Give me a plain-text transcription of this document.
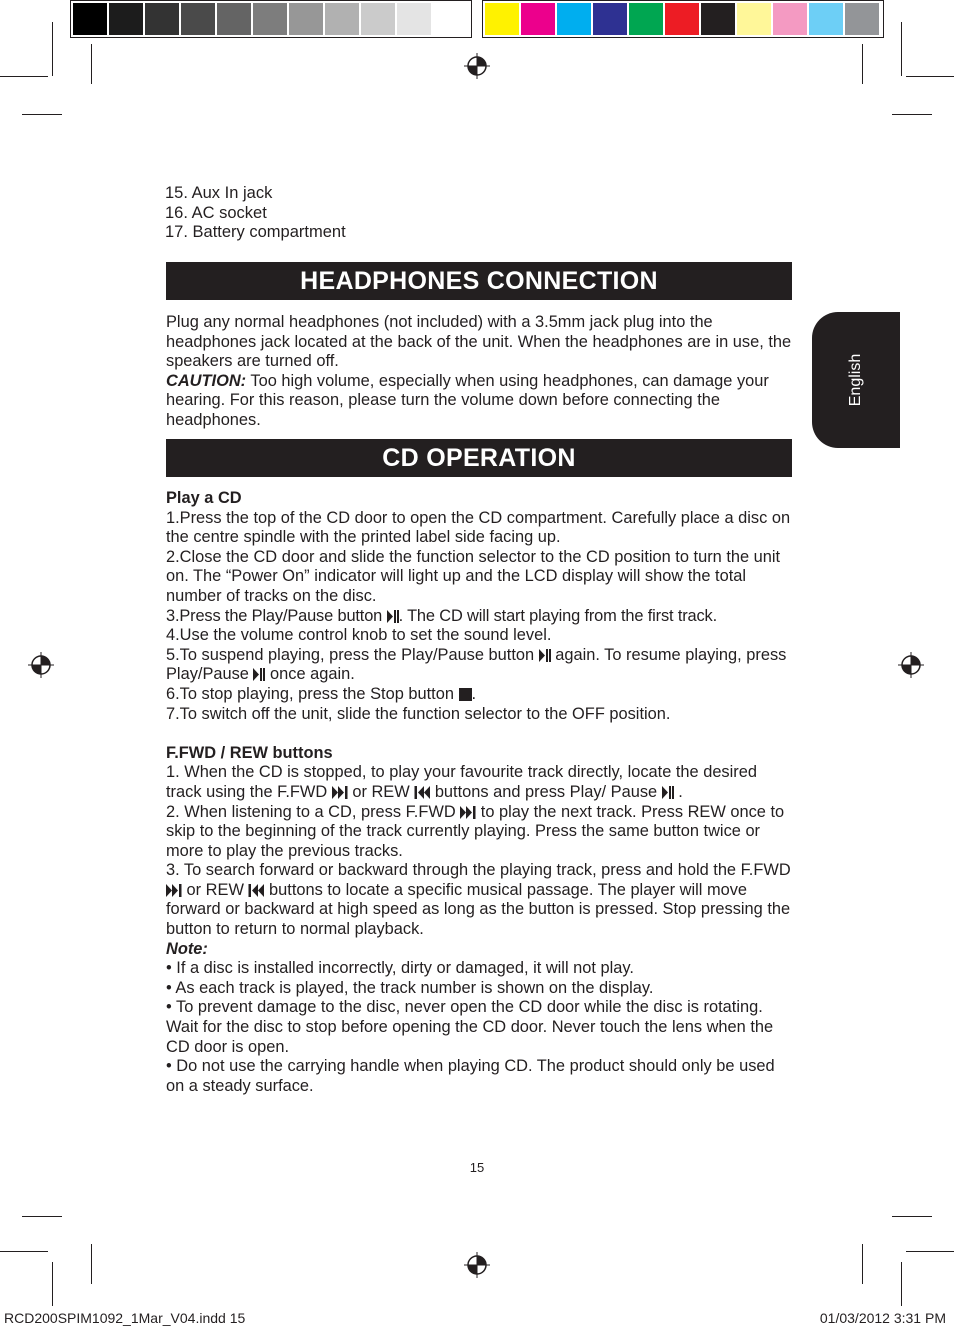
English
15. Aux In jack
16. AC socket
17. Battery compartment
HEADPHONES CONNECTION

Plug any normal headphones (not included) with a 3.5mm jack plug into the headphones jack located at the back of the unit. When the headphones are in use, the speakers are turned off.

CAUTION: Too high volume, especially when using headphones, can damage your hearing. For this reason, please turn the volume down before connecting the headphones.

CD OPERATION

Play a CD

1.Press the top of the CD door to open the CD compartment. Carefully place a disc on the centre spindle with the printed label side facing up.

2.Close the CD door and slide the function selector to the CD position to turn the unit on. The “Power On” indicator will light up and the LCD display will show the total number of tracks on the disc.

3.Press the Play/Pause button . The CD will start playing from the first track.

4.Use the volume control knob to set the sound level.

5.To suspend playing, press the Play/Pause button  again. To resume playing, press Play/Pause  once again.

6.To stop playing, press the Stop button .

7.To switch off the unit, slide the function selector to the OFF position.

F.FWD / REW buttons

1. When the CD is stopped, to play your favourite track directly, locate the desired track using the F.FWD  or REW  buttons and press Play/ Pause  .

2. When listening to a CD, press F.FWD  to play the next track. Press REW once to skip to the beginning of the track currently playing. Press the same button twice or more to play the previous tracks.

3. To search forward or backward through the playing track, press and hold the F.FWD  or REW  buttons to locate a specific musical passage. The player will move forward or backward at high speed as long as the button is pressed. Stop pressing the button to return to normal playback.

Note:

• If a disc is installed incorrectly, dirty or damaged, it will not play.

• As each track is played, the track number is shown on the display.

• To prevent damage to the disc, never open the CD door while the disc is rotating. Wait for the disc to stop before opening the CD door. Never touch the lens when the CD door is open.

• Do not use the carrying handle when playing CD. The product should only be used on a steady surface.

15
RCD200SPIM1092_1Mar_V04.indd 15	01/03/2012 3:31 PM
